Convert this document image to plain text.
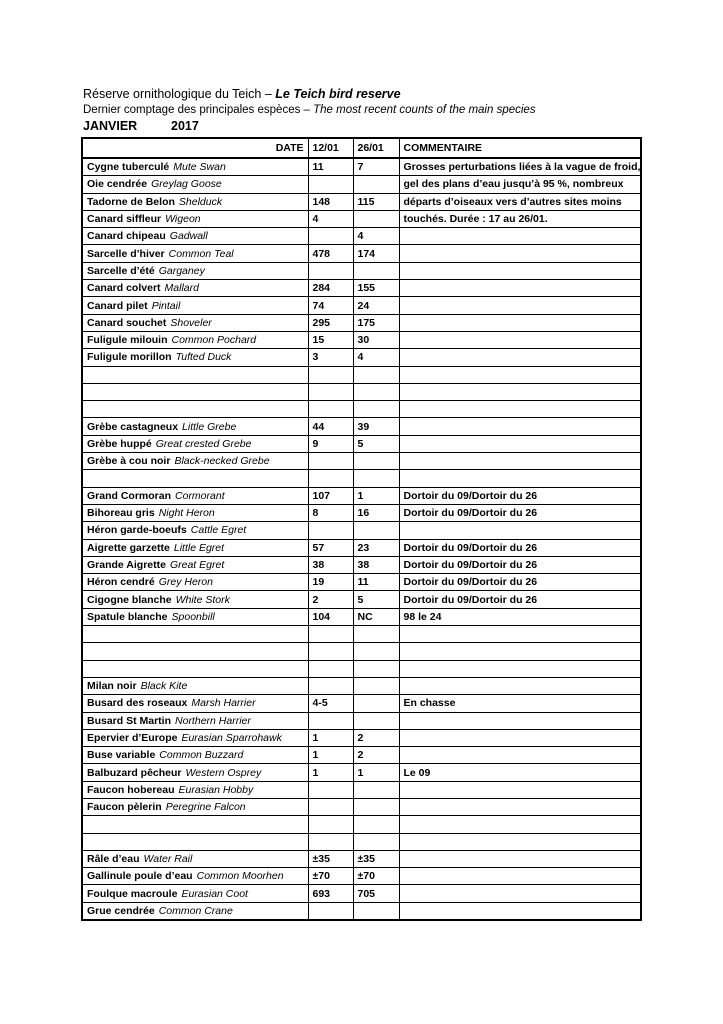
Réserve ornithologique du Teich – Le Teich bird reserve
Dernier comptage des principales espèces – The most recent counts of the main species
JANVIER	2017
DATE	12/01	26/01	COMMENTAIRE
Cygne tuberculé Mute Swan	11	7	Grosses perturbations liées à la vague de froid,
Oie cendrée Greylag Goose			gel des plans d’eau jusqu’à 95 %, nombreux
Tadorne de Belon Shelduck	148	115	départs d’oiseaux vers d’autres sites moins
Canard siffleur Wigeon	4		touchés. Durée : 17 au 26/01.
Canard chipeau Gadwall		4	
Sarcelle d’hiver Common Teal	478	174	
Sarcelle d’été Garganey			
Canard colvert Mallard	284	155	
Canard pilet Pintail	74	24	
Canard souchet Shoveler	295	175	
Fuligule milouin Common Pochard	15	30	
Fuligule morillon Tufted Duck	3	4	

Grèbe castagneux Little Grebe	44	39	
Grèbe huppé Great crested Grebe	9	5	
Grèbe à cou noir Black-necked Grebe			

Grand Cormoran Cormorant	107	1	Dortoir du 09/Dortoir du 26
Bihoreau gris Night Heron	8	16	Dortoir du 09/Dortoir du 26
Héron garde-boeufs Cattle Egret			
Aigrette garzette Little Egret	57	23	Dortoir du 09/Dortoir du 26
Grande Aigrette Great Egret	38	38	Dortoir du 09/Dortoir du 26
Héron cendré Grey Heron	19	11	Dortoir du 09/Dortoir du 26
Cigogne blanche White Stork	2	5	Dortoir du 09/Dortoir du 26
Spatule blanche Spoonbill	104	NC	98 le 24

Milan noir Black Kite			
Busard des roseaux Marsh Harrier	4-5		En chasse
Busard St Martin Northern Harrier			
Epervier d’Europe Eurasian Sparrohawk	1	2	
Buse variable Common Buzzard	1	2	
Balbuzard pêcheur Western Osprey	1	1	Le 09
Faucon hobereau Eurasian Hobby			
Faucon pèlerin Peregrine Falcon			

Râle d’eau Water Rail	±35	±35	
Gallinule poule d’eau Common Moorhen	±70	±70	
Foulque macroule Eurasian Coot	693	705	
Grue cendrée Common Crane			
